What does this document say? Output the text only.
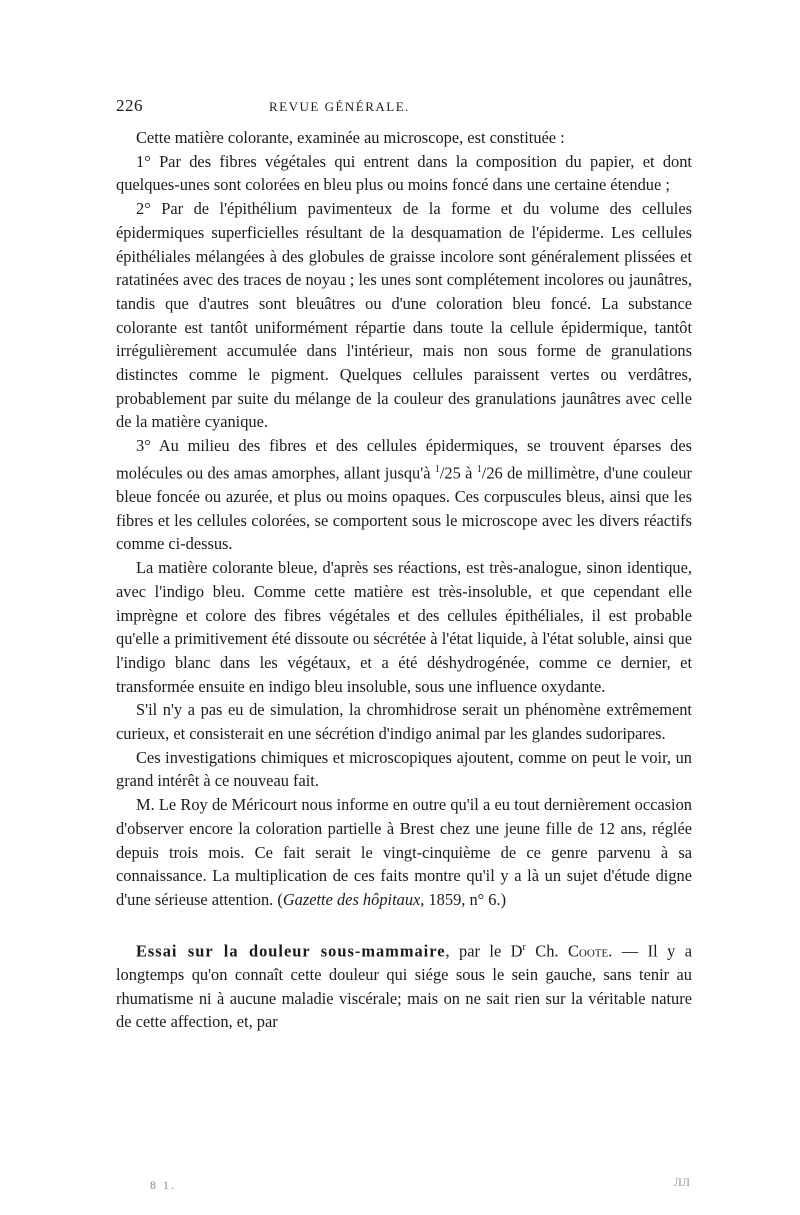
226	REVUE GÉNÉRALE.

Cette matière colorante, examinée au microscope, est constituée :

1° Par des fibres végétales qui entrent dans la composition du papier, et dont quelques-unes sont colorées en bleu plus ou moins foncé dans une certaine étendue ;

2° Par de l'épithélium pavimenteux de la forme et du volume des cellules épidermiques superficielles résultant de la desquamation de l'épiderme. Les cellules épithéliales mélangées à des globules de graisse incolore sont généralement plissées et ratatinées avec des traces de noyau ; les unes sont complétement incolores ou jaunâtres, tandis que d'autres sont bleuâtres ou d'une coloration bleu foncé. La substance colorante est tantôt uniformément répartie dans toute la cellule épidermique, tantôt irrégulièrement accumulée dans l'intérieur, mais non sous forme de granulations distinctes comme le pigment. Quelques cellules paraissent vertes ou verdâtres, probablement par suite du mélange de la couleur des granulations jaunâtres avec celle de la matière cyanique.

3° Au milieu des fibres et des cellules épidermiques, se trouvent éparses des molécules ou des amas amorphes, allant jusqu'à $^1$/25 à $^1$/26 de millimètre, d'une couleur bleue foncée ou azurée, et plus ou moins opaques. Ces corpuscules bleus, ainsi que les fibres et les cellules colorées, se comportent sous le microscope avec les divers réactifs comme ci-dessus.

La matière colorante bleue, d'après ses réactions, est très-analogue, sinon identique, avec l'indigo bleu. Comme cette matière est très-insoluble, et que cependant elle imprègne et colore des fibres végétales et des cellules épithéliales, il est probable qu'elle a primitivement été dissoute ou sécrétée à l'état liquide, à l'état soluble, ainsi que l'indigo blanc dans les végétaux, et a été déshydrogénée, comme ce dernier, et transformée ensuite en indigo bleu insoluble, sous une influence oxydante.

S'il n'y a pas eu de simulation, la chromhidrose serait un phénomène extrêmement curieux, et consisterait en une sécrétion d'indigo animal par les glandes sudoripares.

Ces investigations chimiques et microscopiques ajoutent, comme on peut le voir, un grand intérêt à ce nouveau fait.

M. Le Roy de Méricourt nous informe en outre qu'il a eu tout dernièrement occasion d'observer encore la coloration partielle à Brest chez une jeune fille de 12 ans, réglée depuis trois mois. Ce fait serait le vingt-cinquième de ce genre parvenu à sa connaissance. La multiplication de ces faits montre qu'il y a là un sujet d'étude digne d'une sérieuse attention. (Gazette des hôpitaux, 1859, n° 6.)

Essai sur la douleur sous-mammaire, par le $D^r$ Ch. Coote. — Il y a longtemps qu'on connaît cette douleur qui siége sous le sein gauche, sans tenir au rhumatisme ni à aucune maladie viscérale; mais on ne sait rien sur la véritable nature de cette affection, et, par

8 1.	ЛЛ
